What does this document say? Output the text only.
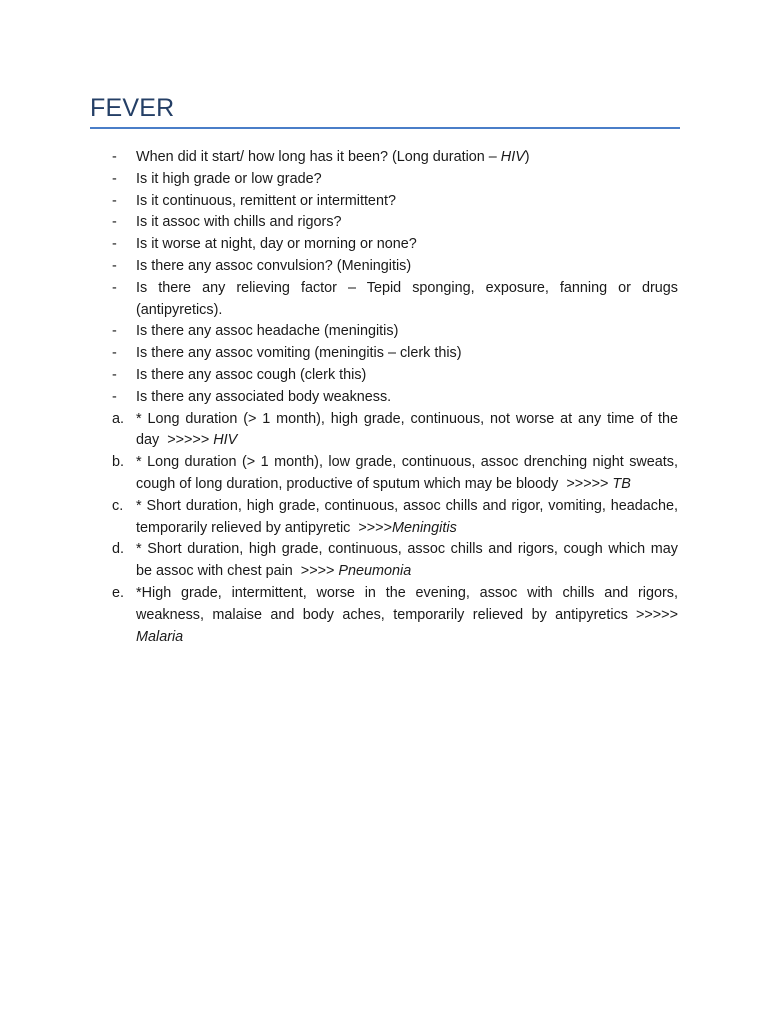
FEVER
-	When did it start/ how long has it been? (Long duration – HIV)
-	Is it high grade or low grade?
-	Is it continuous, remittent or intermittent?
-	Is it assoc with chills and rigors?
-	Is it worse at night, day or morning or none?
-	Is there any assoc convulsion? (Meningitis)
-	Is there any relieving factor – Tepid sponging, exposure, fanning or drugs (antipyretics).
-	Is there any assoc headache (meningitis)
-	Is there any assoc vomiting (meningitis – clerk this)
-	Is there any assoc cough (clerk this)
-	Is there any associated body weakness.
a. * Long duration (> 1 month), high grade, continuous, not worse at any time of the day >>>>> HIV
b. * Long duration (> 1 month), low grade, continuous, assoc drenching night sweats, cough of long duration, productive of sputum which may be bloody >>>>> TB
c. * Short duration, high grade, continuous, assoc chills and rigor, vomiting, headache, temporarily relieved by antipyretic >>>>Meningitis
d. * Short duration, high grade, continuous, assoc chills and rigors, cough which may be assoc with chest pain >>>> Pneumonia
e. *High grade, intermittent, worse in the evening, assoc with chills and rigors, weakness, malaise and body aches, temporarily relieved by antipyretics >>>>> Malaria
